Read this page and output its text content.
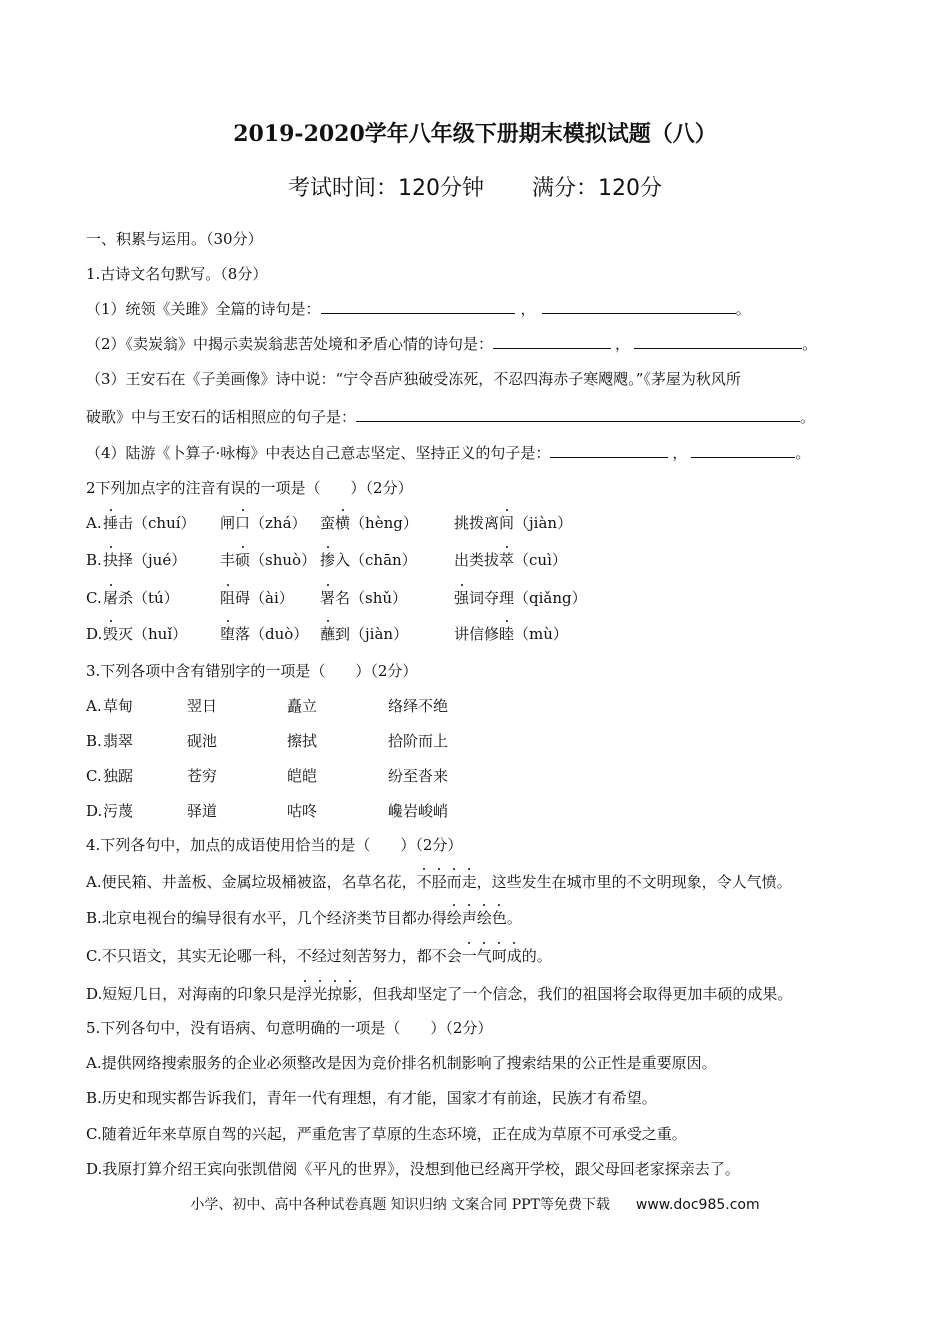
2019-2020学年八年级下册期末模拟试题（八）
考试时间：120分钟 满分：120分
一、积累与运用。（30分）
1.古诗文名句默写。（8分）
（1）统领《关雎》全篇的诗句是：	，	。
（2）《卖炭翁》中揭示卖炭翁悲苦处境和矛盾心情的诗句是：	，	。
（3）王安石在《子美画像》诗中说：“宁令吾庐独破受冻死，不忍四海赤子寒飕飕。”《茅屋为秋风所
破歌》中与王安石的话相照应的句子是：	。
（4）陆游《卜算子·咏梅》中表达自己意志坚定、坚持正义的句子是：	，	。
2下列加点字的注音有误的一项是（　　）（2分）
A. 捶击（chuí） 闸口（zhá） 蛮横（hèng） 挑拨离间（jiàn）
B. 抉择（jué） 丰硕（shuò） 掺入（chān） 出类拔萃（cuì）
C. 屠杀（tú）	阻碍（ài） 署名（shǔ）	强词夺理（qiǎng）
D. 毁灭（huǐ） 堕落（duò） 蘸到（jiàn）	讲信修睦（mù）
3.下列各项中含有错别字的一项是（　　）（2分）
A. 草甸	翌日	矗立	络绎不绝
B. 翡翠	砚池	擦拭	拾阶而上
C. 独踞	苍穷	皑皑	纷至沓来
D. 污蔑	驿道	咕咚	巉岩峻峭
4.下列各句中，加点的成语使用恰当的是（　　）（2分）
A.便民箱、井盖板、金属垃圾桶被盗，名草名花，不胫而走，这些发生在城市里的不文明现象，令人气愤。
B.北京电视台的编导很有水平，几个经济类节目都办得绘声绘色。
C.不只语文，其实无论哪一科，不经过刻苦努力，都不会一气呵成的。
D.短短几日，对海南的印象只是浮光掠影，但我却坚定了一个信念，我们的祖国将会取得更加丰硕的成果。
5.下列各句中，没有语病、句意明确的一项是（　　）（2分）
A.提供网络搜索服务的企业必须整改是因为竞价排名机制影响了搜索结果的公正性是重要原因。
B.历史和现实都告诉我们，青年一代有理想，有才能，国家才有前途，民族才有希望。
C.随着近年来草原自驾的兴起，严重危害了草原的生态环境，正在成为草原不可承受之重。
D.我原打算介绍王宾向张凯借阅《平凡的世界》，没想到他已经离开学校，跟父母回老家探亲去了。
小学、初中、高中各种试卷真题 知识归纳 文案合同 PPT等免费下载 www.doc985.com
